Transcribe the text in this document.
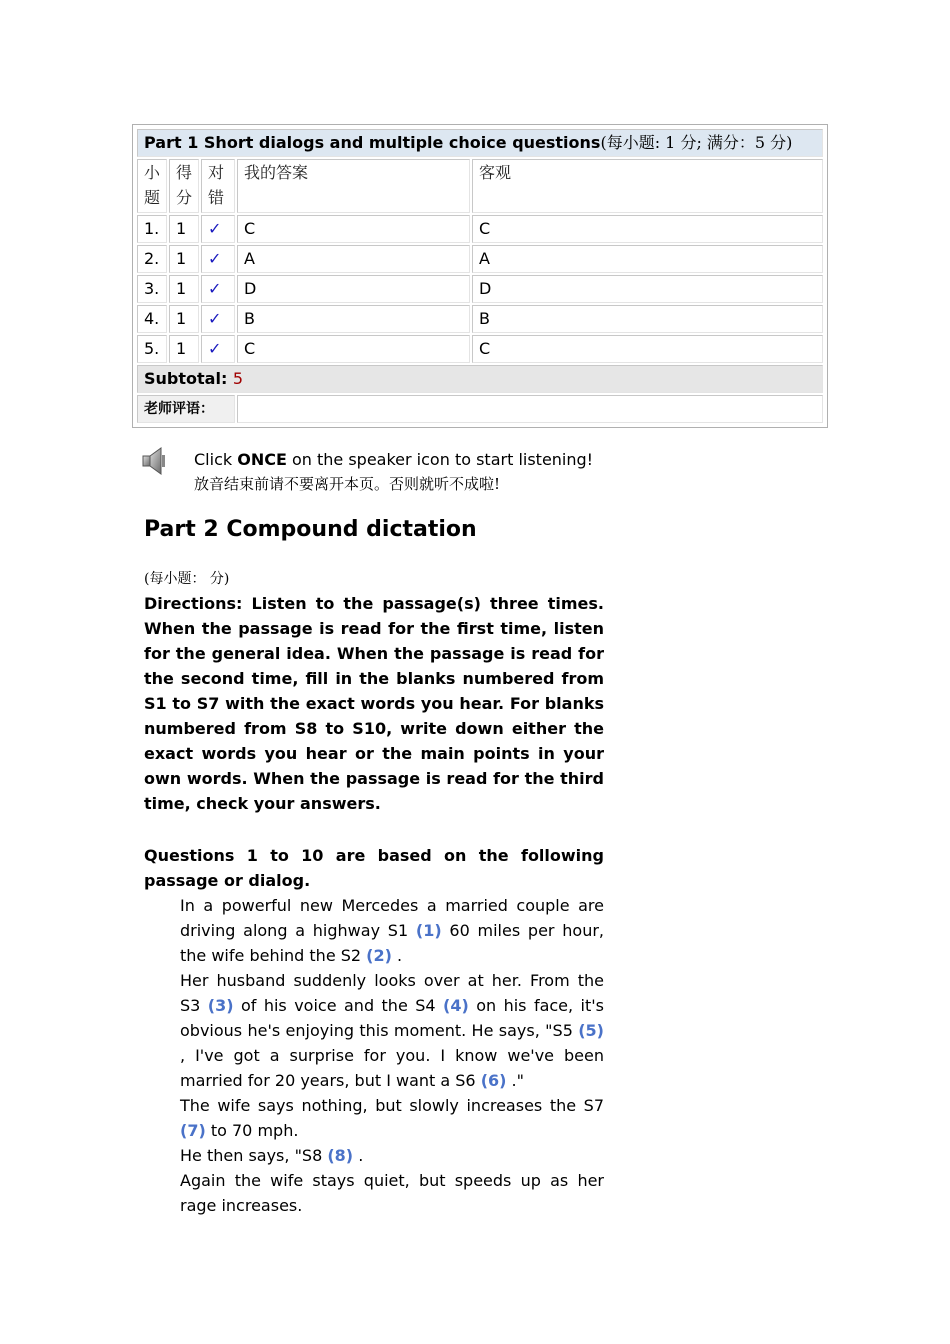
Part 1 Short dialogs and multiple choice questions(每小题: 1 分; 满分：5 分)				
小题	得分	对错	我的答案	客观
1.	1	✓	C	C
2.	1	✓	A	A
3.	1	✓	D	D
4.	1	✓	B	B
5.	1	✓	C	C
Subtotal: 5				
老师评语：				
Click ONCE on the speaker icon to start listening!
放音结束前请不要离开本页。否则就听不成啦!
Part 2 Compound dictation
(每小题： 分)

Directions: Listen to the passage(s) three times. When the passage is read for the first time, listen for the general idea. When the passage is read for the second time, fill in the blanks numbered from S1 to S7 with the exact words you hear. For blanks numbered from S8 to S10, write down either the exact words you hear or the main points in your own words. When the passage is read for the third time, check your answers.

Questions 1 to 10 are based on the following passage or dialog.

In a powerful new Mercedes a married couple are driving along a highway S1 (1) 60 miles per hour, the wife behind the S2 (2) .

Her husband suddenly looks over at her. From the S3 (3) of his voice and the S4 (4) on his face, it's obvious he's enjoying this moment. He says, "S5 (5) , I've got a surprise for you. I know we've been married for 20 years, but I want a S6 (6) ."

The wife says nothing, but slowly increases the S7 (7) to 70 mph.

He then says, "S8 (8) .

Again the wife stays quiet, but speeds up as her rage increases.
